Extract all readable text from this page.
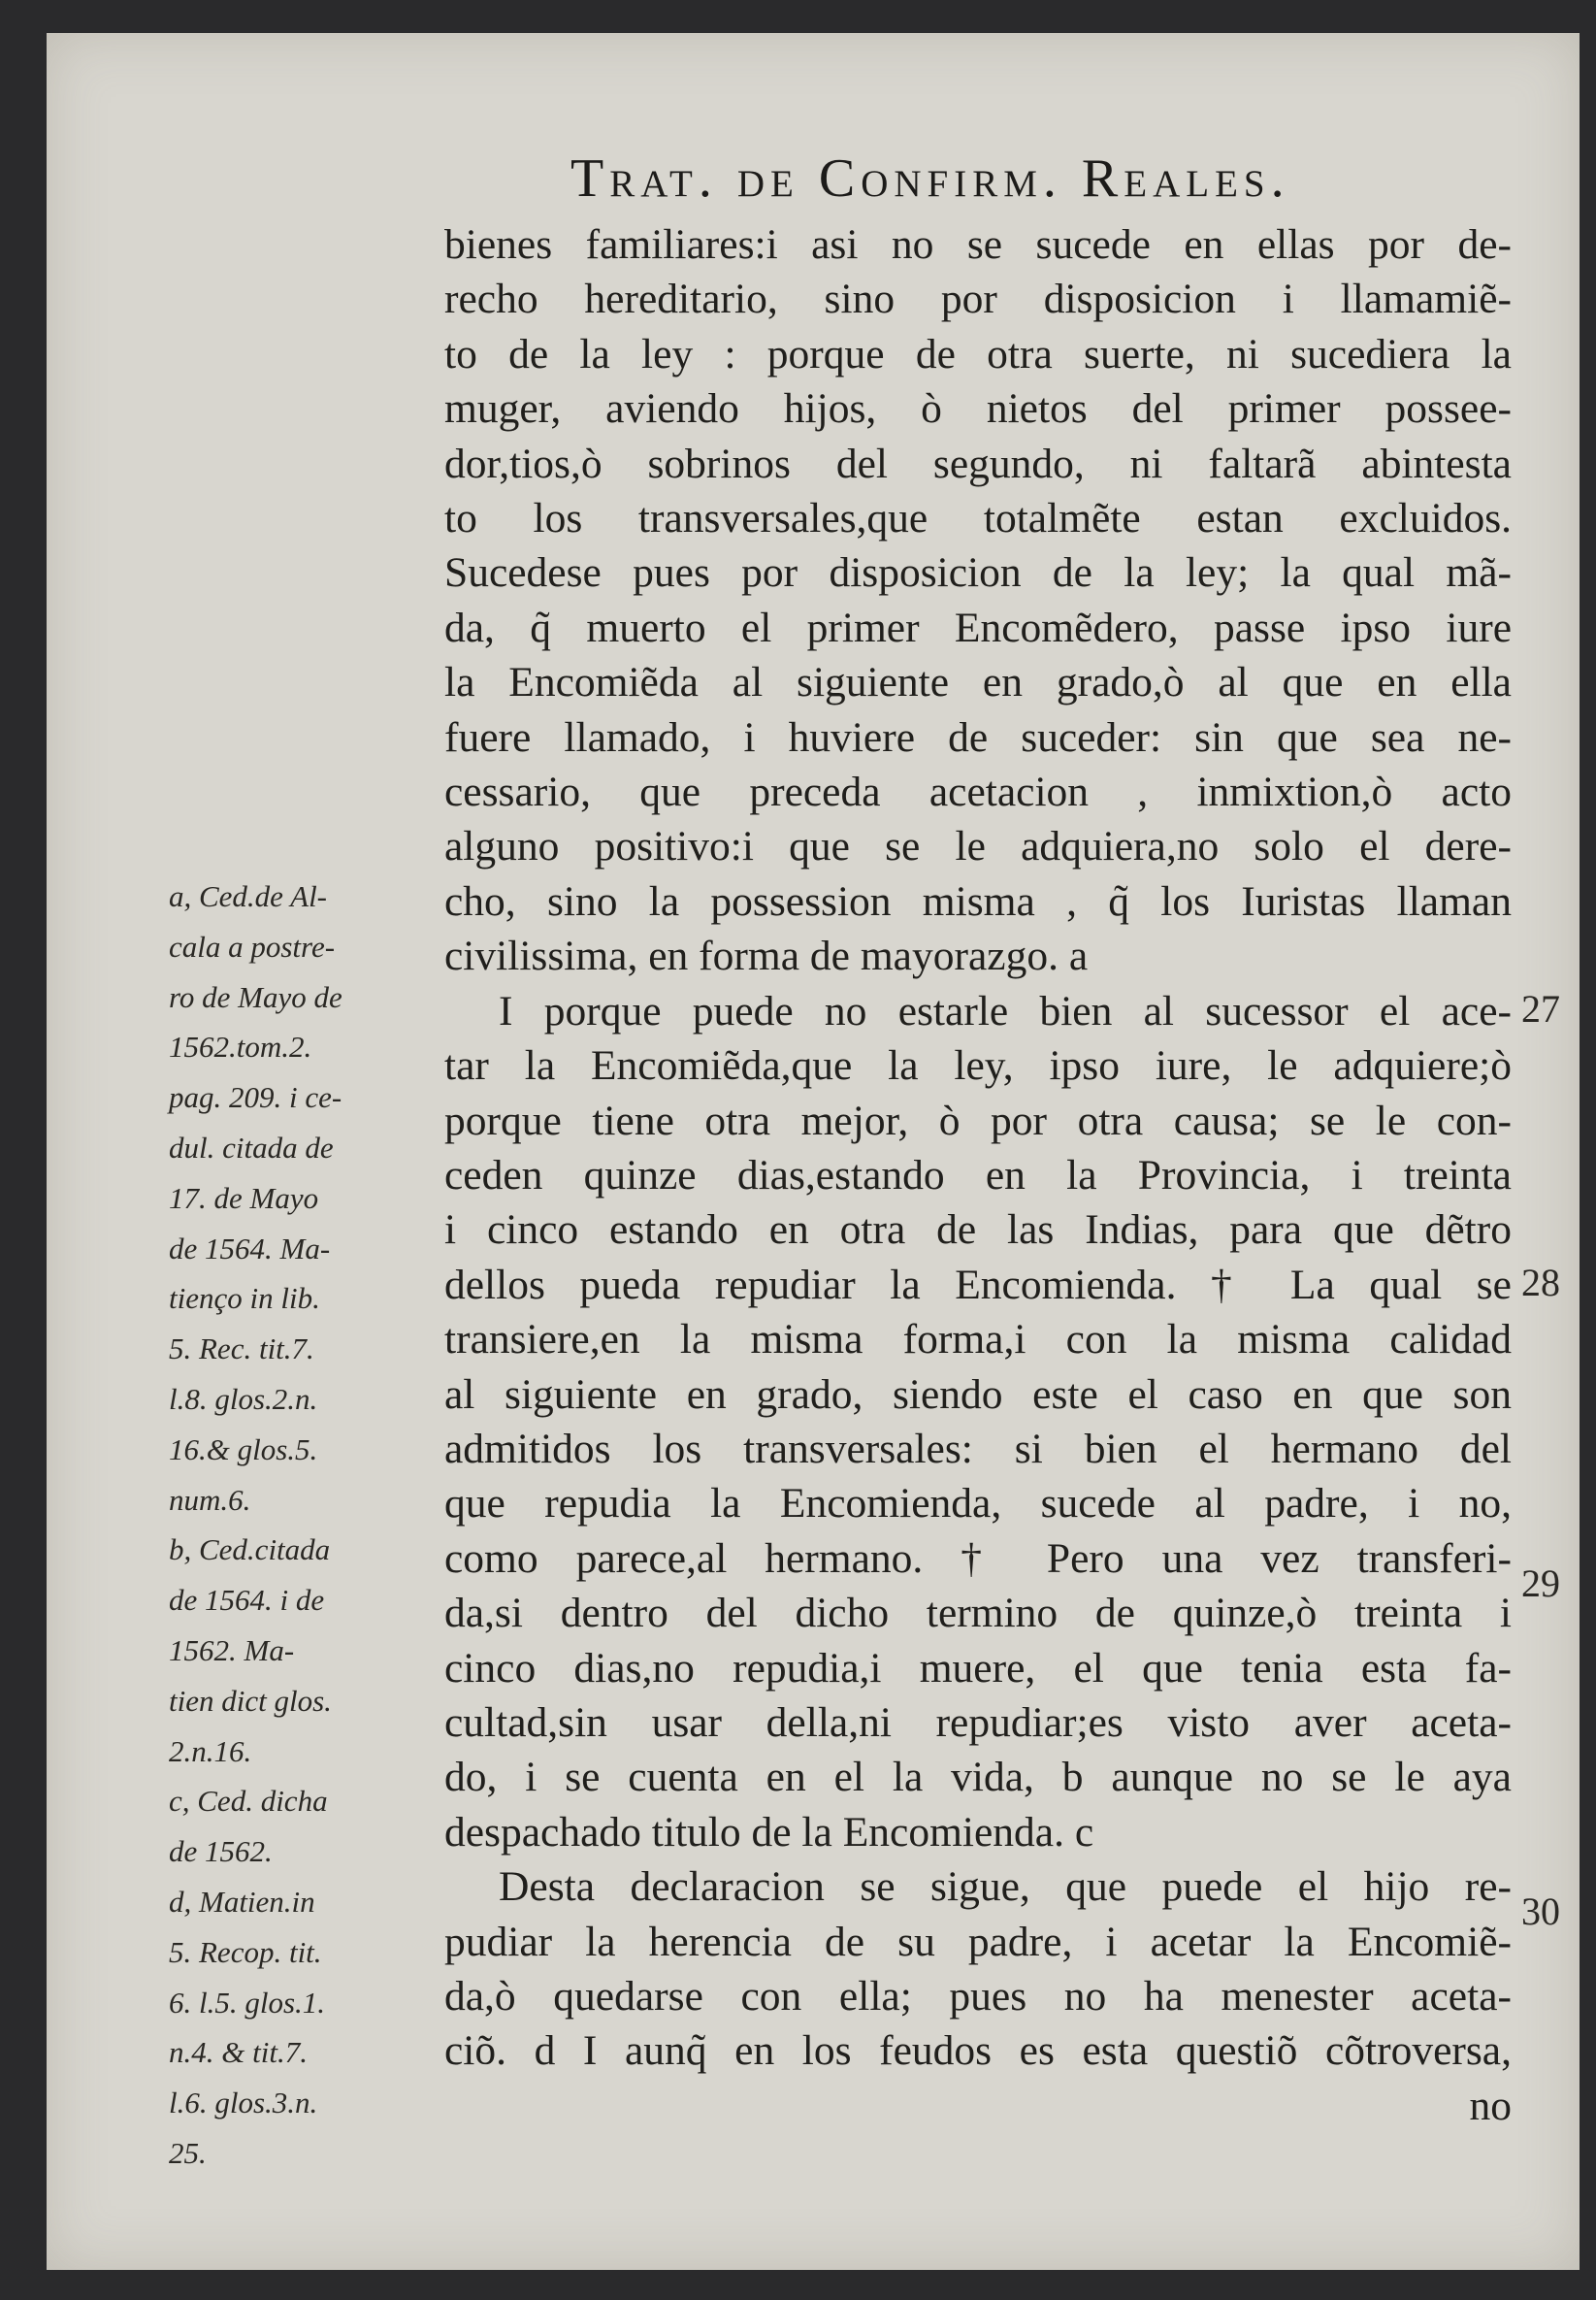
Trat. de Confirm. Reales.
bienes familiares:i asi no se sucede en ellas por de-
recho hereditario, sino por disposicion i llamamiẽ-
to de la ley : porque de otra suerte, ni sucediera la
muger, aviendo hijos, ò nietos del primer possee-
dor,tios,ò sobrinos del segundo, ni faltarã abintesta
to los transversales,que totalmẽte estan excluidos.
Sucedese pues por disposicion de la ley; la qual mã-
da, q̃ muerto el primer Encomẽdero, passe ipso iure
la Encomiẽda al siguiente en grado,ò al que en ella
fuere llamado, i huviere de suceder: sin que sea ne-
cessario, que preceda acetacion , inmixtion,ò acto
alguno positivo:i que se le adquiera,no solo el dere-
cho, sino la possession misma , q̃ los Iuristas llaman
civilissima, en forma de mayorazgo. a
I porque puede no estarle bien al sucessor el ace-
tar la Encomiẽda,que la ley, ipso iure, le adquiere;ò
porque tiene otra mejor, ò por otra causa; se le con-
ceden quinze dias,estando en la Provincia, i treinta
i cinco estando en otra de las Indias, para que dẽtro
dellos pueda repudiar la Encomienda. † La qual se
transiere,en la misma forma,i con la misma calidad
al siguiente en grado, siendo este el caso en que son
admitidos los transversales: si bien el hermano del
que repudia la Encomienda, sucede al padre, i no,
como parece,al hermano. † Pero una vez transferi-
da,si dentro del dicho termino de quinze,ò treinta i
cinco dias,no repudia,i muere, el que tenia esta fa-
cultad,sin usar della,ni repudiar;es visto aver aceta-
do, i se cuenta en el la vida, b aunque no se le aya
despachado titulo de la Encomienda. c
Desta declaracion se sigue, que puede el hijo re-
pudiar la herencia de su padre, i acetar la Encomiẽ-
da,ò quedarse con ella; pues no ha menester aceta-
ciõ. d I aunq̃ en los feudos es esta questiõ cõtroversa,
no
a, Ced.de Al-
cala a postre-
ro de Mayo de
1562.tom.2.
pag. 209. i ce-
dul. citada de
17. de Mayo
de 1564. Ma-
tienço in lib.
5. Rec. tit.7.
l.8. glos.2.n.
16.& glos.5.
num.6.
b, Ced.citada
de 1564. i de
1562. Ma-
tien dict glos.
2.n.16.
c, Ced. dicha
de 1562.
d, Matien.in
5. Recop. tit.
6. l.5. glos.1.
n.4. & tit.7.
l.6. glos.3.n.
25.
27
28
29
30
